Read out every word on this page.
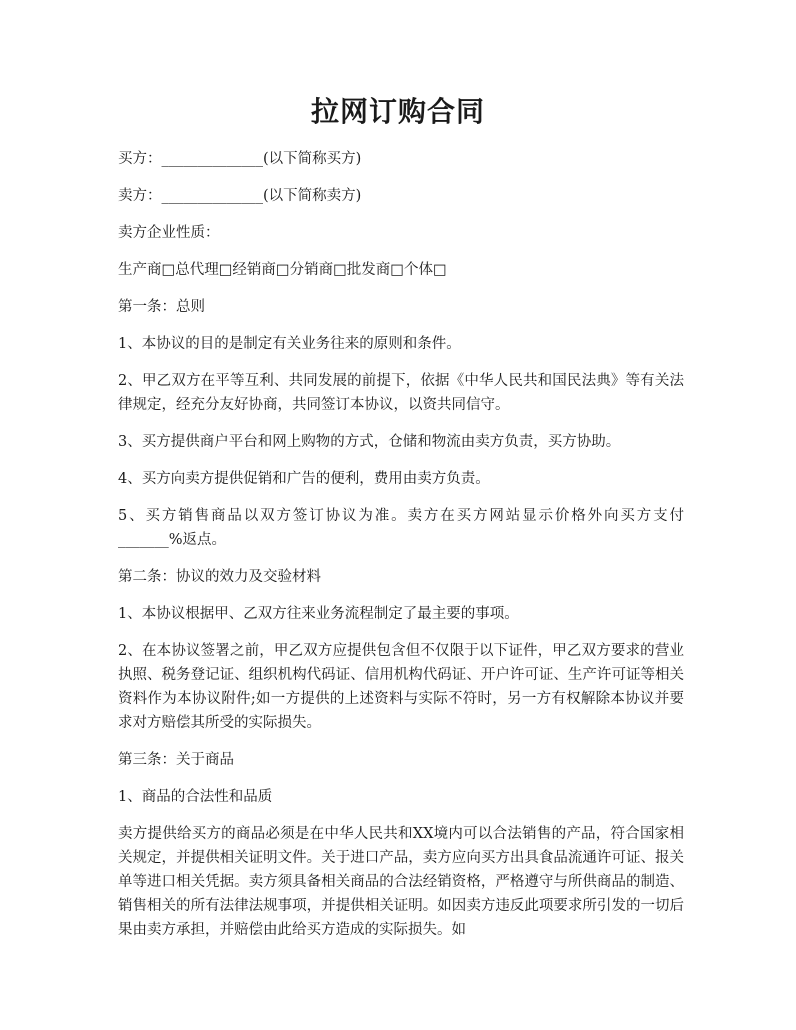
拉网订购合同

买方：______________(以下简称买方)

卖方：______________(以下简称卖方)

卖方企业性质：

生产商□总代理□经销商□分销商□批发商□个体□

第一条：总则

1、本协议的目的是制定有关业务往来的原则和条件。

2、甲乙双方在平等互利、共同发展的前提下，依据《中华人民共和国民法典》等有关法律规定，经充分友好协商，共同签订本协议，以资共同信守。

3、买方提供商户平台和网上购物的方式，仓储和物流由卖方负责，买方协助。

4、买方向卖方提供促销和广告的便利，费用由卖方负责。

5、买方销售商品以双方签订协议为准。卖方在买方网站显示价格外向买方支付_______%返点。

第二条：协议的效力及交验材料

1、本协议根据甲、乙双方往来业务流程制定了最主要的事项。

2、在本协议签署之前，甲乙双方应提供包含但不仅限于以下证件，甲乙双方要求的营业执照、税务登记证、组织机构代码证、信用机构代码证、开户许可证、生产许可证等相关资料作为本协议附件;如一方提供的上述资料与实际不符时，另一方有权解除本协议并要求对方赔偿其所受的实际损失。

第三条：关于商品

1、商品的合法性和品质

卖方提供给买方的商品必须是在中华人民共和XX境内可以合法销售的产品，符合国家相关规定，并提供相关证明文件。关于进口产品，卖方应向买方出具食品流通许可证、报关单等进口相关凭据。卖方须具备相关商品的合法经销资格，严格遵守与所供商品的制造、销售相关的所有法律法规事项，并提供相关证明。如因卖方违反此项要求所引发的一切后果由卖方承担，并赔偿由此给买方造成的实际损失。如
